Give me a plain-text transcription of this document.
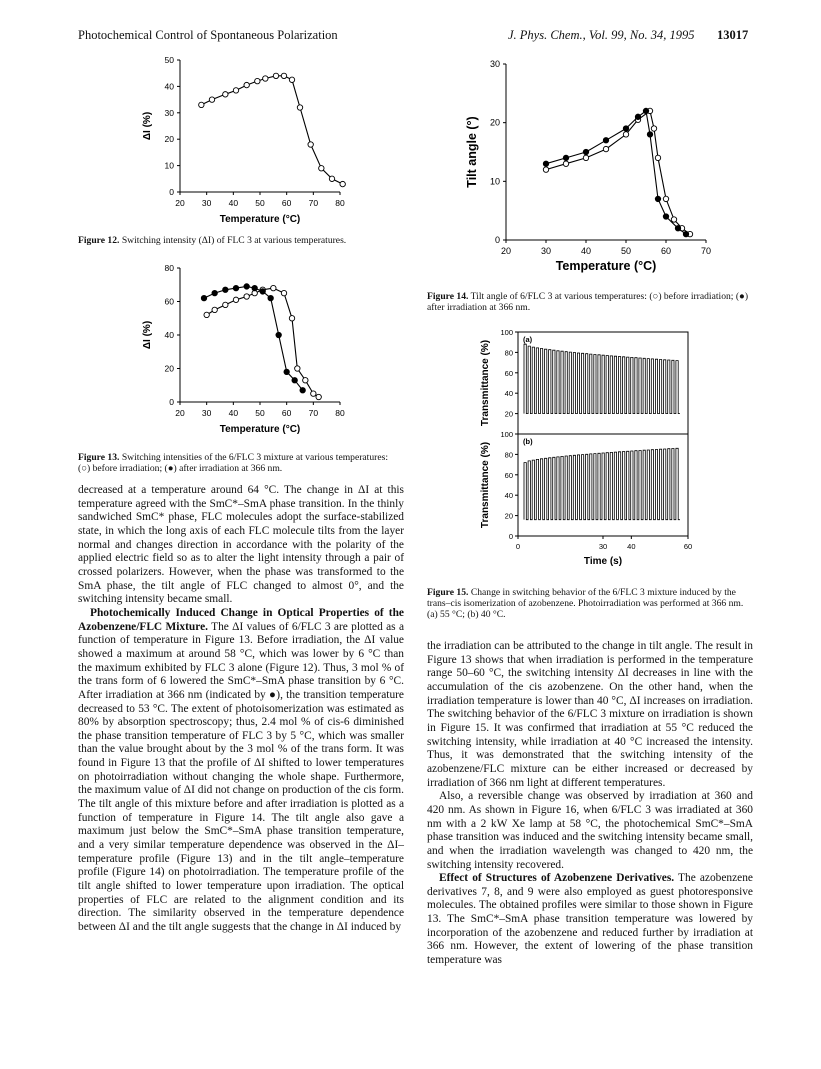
Photochemical Control of Spontaneous Polarization	J. Phys. Chem., Vol. 99, No. 34, 1995 13017
20 30 40 50 60 70 80
0
10
20
30
40
50
Temperature (°C)
ΔI (%)
Figure 12. Switching intensity (ΔI) of FLC 3 at various temperatures.
20 30 40 50 60 70 80
0
20
40
60
80
Temperature (°C)
ΔI (%)
Figure 13. Switching intensities of the 6/FLC 3 mixture at various temperatures: (○) before irradiation; (●) after irradiation at 366 nm.
20	30	40	50	60	70
0
10
20
30
Temperature (°C)
Tilt angle (°)
Figure 14. Tilt angle of 6/FLC 3 at various temperatures: (○) before irradiation; (●) after irradiation at 366 nm.
20
40
60
80
100
(a)
Transmittance (%)
0
20
40
60
80
100
(b)
Transmittance (%)
0	30	40	60
Time (s)
Figure 15. Change in switching behavior of the 6/FLC 3 mixture induced by the trans–cis isomerization of azobenzene. Photoirradiation was performed at 366 nm. (a) 55 °C; (b) 40 °C.

decreased at a temperature around 64 °C. The change in ΔI at this temperature agreed with the SmC*–SmA phase transition. In the thinly sandwiched SmC* phase, FLC molecules adopt the surface-stabilized state, in which the long axis of each FLC molecule tilts from the layer normal and changes direction in accordance with the polarity of the applied electric field so as to alter the light intensity through a pair of crossed polarizers. However, when the phase was transformed to the SmA phase, the tilt angle of FLC changed to almost 0°, and the switching intensity became small.

Photochemically Induced Change in Optical Properties of the Azobenzene/FLC Mixture. The ΔI values of 6/FLC 3 are plotted as a function of temperature in Figure 13. Before irradiation, the ΔI value showed a maximum at around 58 °C, which was lower by 6 °C than the maximum exhibited by FLC 3 alone (Figure 12). Thus, 3 mol % of the trans form of 6 lowered the SmC*–SmA phase transition by 6 °C. After irradiation at 366 nm (indicated by ●), the transition temperature decreased to 53 °C. The extent of photoisomerization was estimated as 80% by absorption spectroscopy; thus, 2.4 mol % of cis-6 diminished the phase transition temperature of FLC 3 by 5 °C, which was smaller than the value brought about by the 3 mol % of the trans form. It was found in Figure 13 that the profile of ΔI shifted to lower temperatures on photoirradiation without changing the whole shape. Furthermore, the maximum value of ΔI did not change on production of the cis form. The tilt angle of this mixture before and after irradiation is plotted as a function of temperature in Figure 14. The tilt angle also gave a maximum just below the SmC*–SmA phase transition temperature, and a very similar temperature dependence was observed in the ΔI–temperature profile (Figure 13) and in the tilt angle–temperature profile (Figure 14) on photoirradiation. The temperature profile of the tilt angle shifted to lower temperature upon irradiation. The optical properties of FLC are related to the alignment condition and its direction. The similarity observed in the temperature dependence between ΔI and the tilt angle suggests that the change in ΔI induced by

the irradiation can be attributed to the change in tilt angle. The result in Figure 13 shows that when irradiation is performed in the temperature range 50–60 °C, the switching intensity ΔI decreases in line with the accumulation of the cis azobenzene. On the other hand, when the irradiation temperature is lower than 40 °C, ΔI increases on irradiation. The switching behavior of the 6/FLC 3 mixture on irradiation is shown in Figure 15. It was confirmed that irradiation at 55 °C reduced the switching intensity, while irradiation at 40 °C increased the intensity. Thus, it was demonstrated that the switching intensity of the azobenzene/FLC mixture can be either increased or decreased by irradiation of 366 nm light at different temperatures.

Also, a reversible change was observed by irradiation at 360 and 420 nm. As shown in Figure 16, when 6/FLC 3 was irradiated at 360 nm with a 2 kW Xe lamp at 58 °C, the photochemical SmC*–SmA phase transition was induced and the switching intensity became small, and when the irradiation wavelength was changed to 420 nm, the switching intensity recovered.

Effect of Structures of Azobenzene Derivatives. The azobenzene derivatives 7, 8, and 9 were also employed as guest photoresponsive molecules. The obtained profiles were similar to those shown in Figure 13. The SmC*–SmA phase transition temperature was lowered by incorporation of the azobenzene and reduced further by irradiation at 366 nm. However, the extent of lowering of the phase transition temperature was
